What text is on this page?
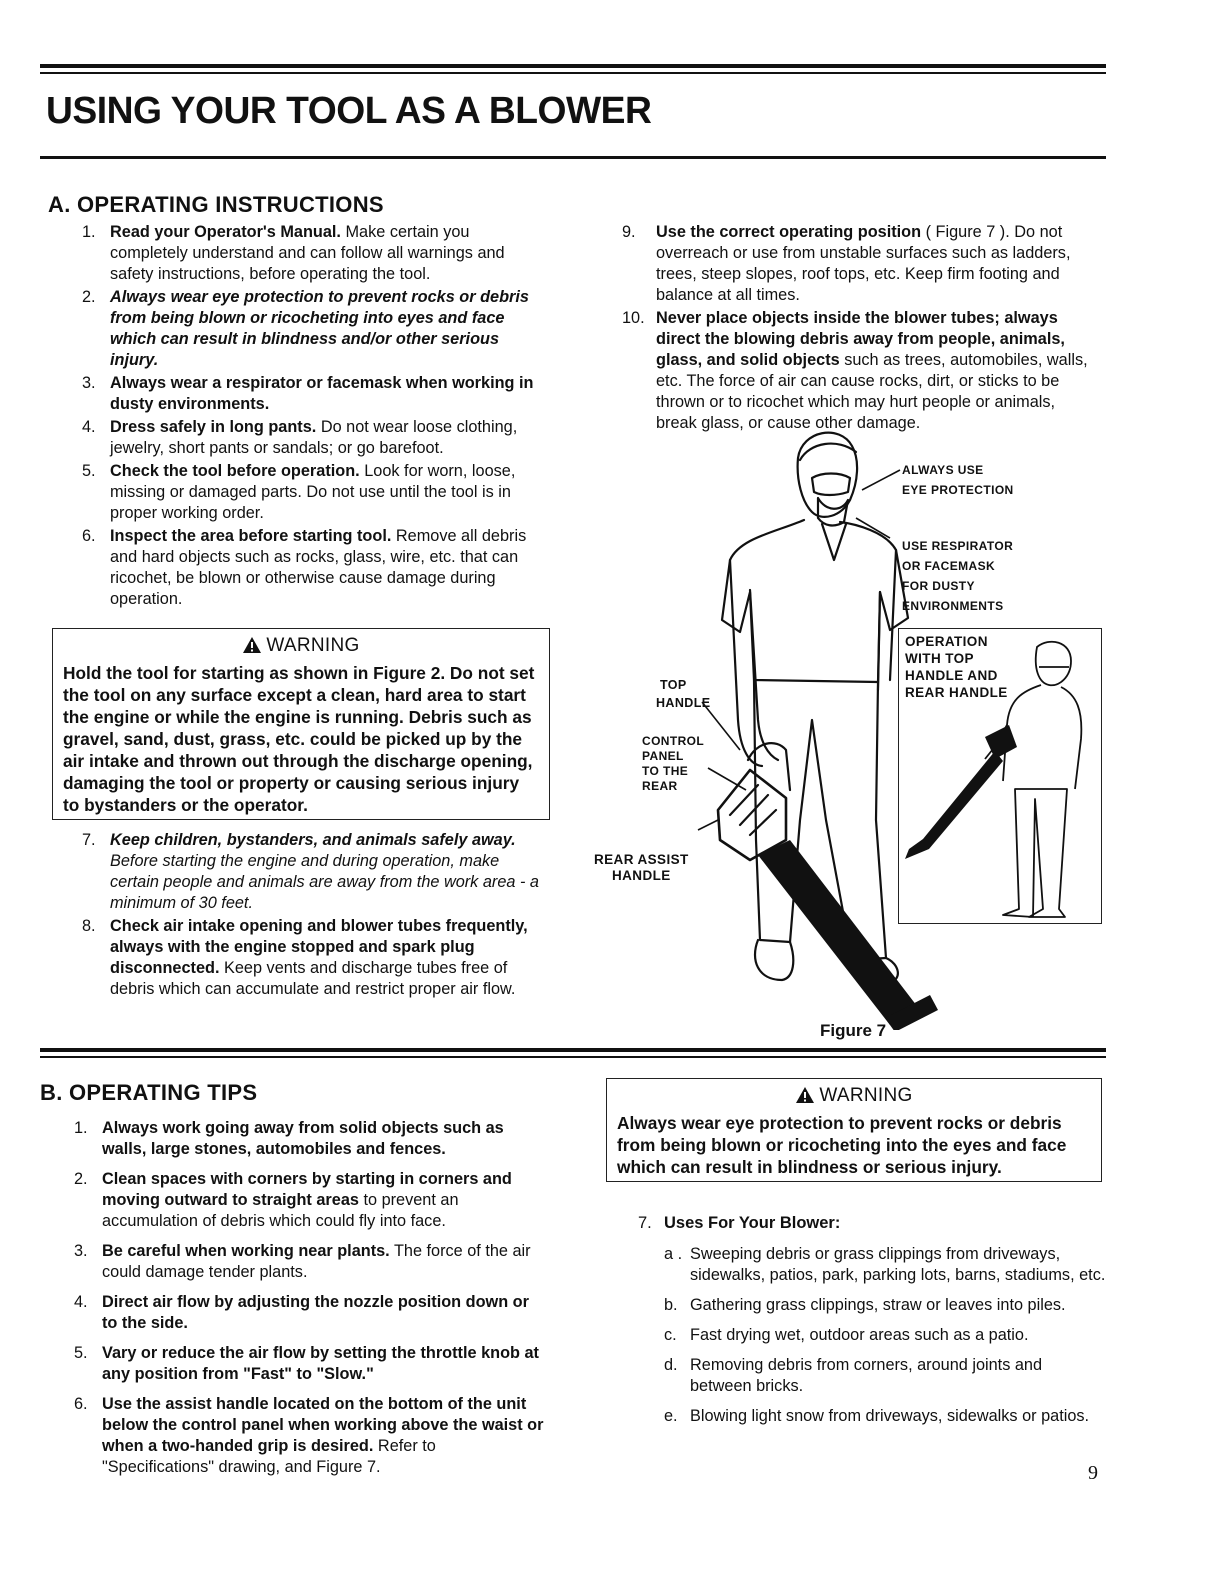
USING YOUR TOOL AS A BLOWER
A. OPERATING INSTRUCTIONS
1. Read your Operator's Manual. Make certain you completely understand and can follow all warnings and safety instructions, before operating the tool.
2. Always wear eye protection to prevent rocks or debris from being blown or ricocheting into eyes and face which can result in blindness and/or other serious injury.
3. Always wear a respirator or facemask when working in dusty environments.
4. Dress safely in long pants. Do not wear loose clothing, jewelry, short pants or sandals; or go barefoot.
5. Check the tool before operation. Look for worn, loose, missing or damaged parts. Do not use until the tool is in proper working order.
6. Inspect the area before starting tool. Remove all debris and hard objects such as rocks, glass, wire, etc. that can ricochet, be blown or otherwise cause damage during operation.

WARNING

Hold the tool for starting as shown in Figure 2. Do not set the tool on any surface except a clean, hard area to start the engine or while the engine is running. Debris such as gravel, sand, dust, grass, etc. could be picked up by the air intake and thrown out through the discharge opening, damaging the tool or property or causing serious injury to bystanders or the operator.

7. Keep children, bystanders, and animals safely away. Before starting the engine and during operation, make certain people and animals are away from the work area - a minimum of 30 feet.
8. Check air intake opening and blower tubes frequently, always with the engine stopped and spark plug disconnected. Keep vents and discharge tubes free of debris which can accumulate and restrict proper air flow.
9. Use the correct operating position ( Figure 7 ). Do not overreach or use from unstable surfaces such as ladders, trees, steep slopes, roof tops, etc. Keep firm footing and balance at all times.
10. Never place objects inside the blower tubes; always direct the blowing debris away from people, animals, glass, and solid objects such as trees, automobiles, walls, etc. The force of air can cause rocks, dirt, or sticks to be thrown or to ricochet which may hurt people or animals, break glass, or cause other damage.
ALWAYS USE
EYE PROTECTION
USE RESPIRATOR
OR FACEMASK
FOR DUSTY
ENVIRONMENTS
OPERATION
WITH TOP
HANDLE AND
REAR HANDLE
TOP
HANDLE
CONTROL
PANEL
TO THE
REAR
REAR ASSIST
HANDLE
Figure 7
B. OPERATING TIPS
1. Always work going away from solid objects such as walls, large stones, automobiles and fences.
2. Clean spaces with corners by starting in corners and moving outward to straight areas to prevent an accumulation of debris which could fly into face.
3. Be careful when working near plants. The force of the air could damage tender plants.
4. Direct air flow by adjusting the nozzle position down or to the side.
5. Vary or reduce the air flow by setting the throttle knob at any position from "Fast" to "Slow."
6. Use the assist handle located on the bottom of the unit below the control panel when working above the waist or when a two-handed grip is desired. Refer to "Specifications" drawing, and Figure 7.

WARNING

Always wear eye protection to prevent rocks or debris from being blown or ricocheting into the eyes and face which can result in blindness or serious injury.

7. Uses For Your Blower:
a . Sweeping debris or grass clippings from driveways, sidewalks, patios, park, parking lots, barns, stadiums, etc.
b. Gathering grass clippings, straw or leaves into piles.
c. Fast drying wet, outdoor areas such as a patio.
d. Removing debris from corners, around joints and between bricks.
e. Blowing light snow from driveways, sidewalks or patios.
9
